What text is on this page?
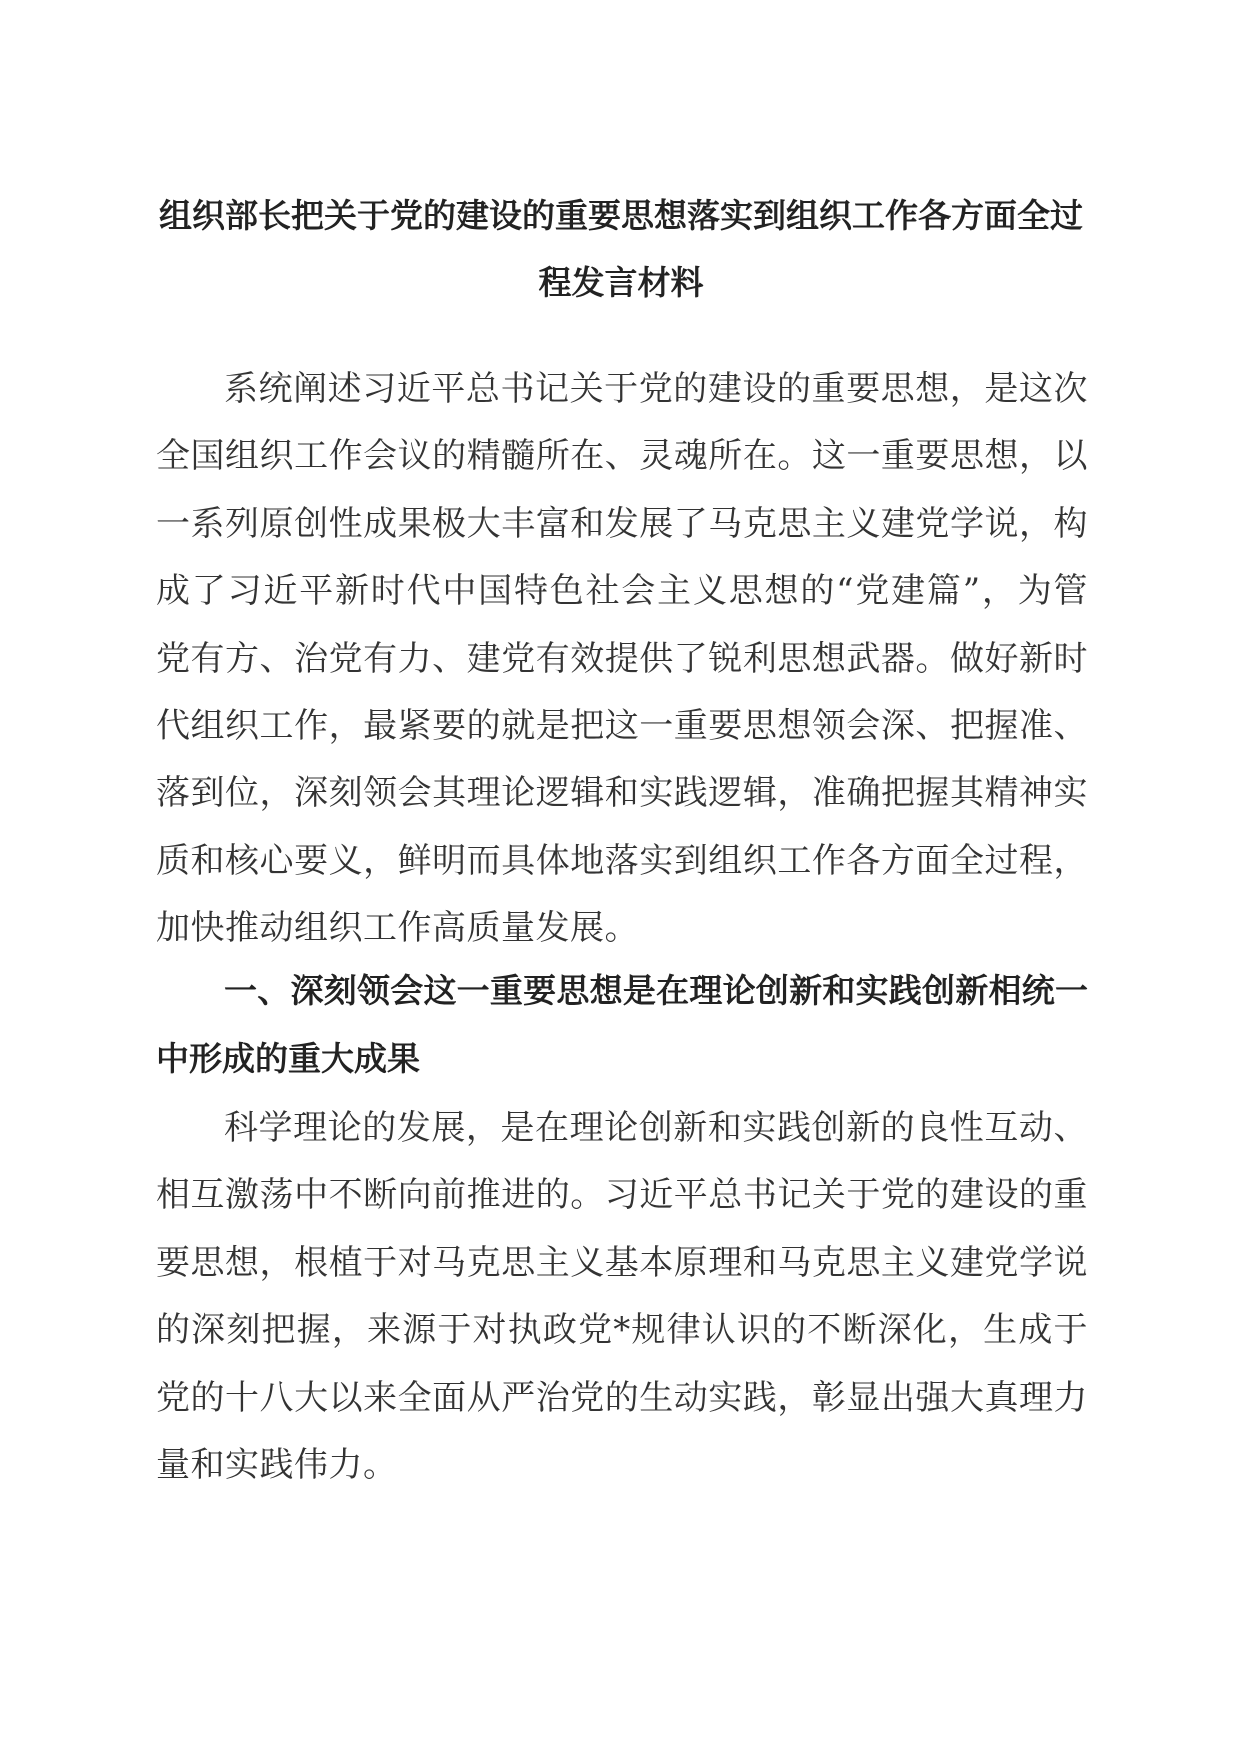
组织部长把关于党的建设的重要思想落实到组织工作各方面全过程发言材料

系统阐述习近平总书记关于党的建设的重要思想，是这次全国组织工作会议的精髓所在、灵魂所在。这一重要思想，以一系列原创性成果极大丰富和发展了马克思主义建党学说，构成了习近平新时代中国特色社会主义思想的“党建篇”，为管党有方、治党有力、建党有效提供了锐利思想武器。做好新时代组织工作，最紧要的就是把这一重要思想领会深、把握准、落到位，深刻领会其理论逻辑和实践逻辑，准确把握其精神实质和核心要义，鲜明而具体地落实到组织工作各方面全过程，加快推动组织工作高质量发展。

一、深刻领会这一重要思想是在理论创新和实践创新相统一中形成的重大成果

科学理论的发展，是在理论创新和实践创新的良性互动、相互激荡中不断向前推进的。习近平总书记关于党的建设的重要思想，根植于对马克思主义基本原理和马克思主义建党学说的深刻把握，来源于对执政党*规律认识的不断深化，生成于党的十八大以来全面从严治党的生动实践，彰显出强大真理力量和实践伟力。
